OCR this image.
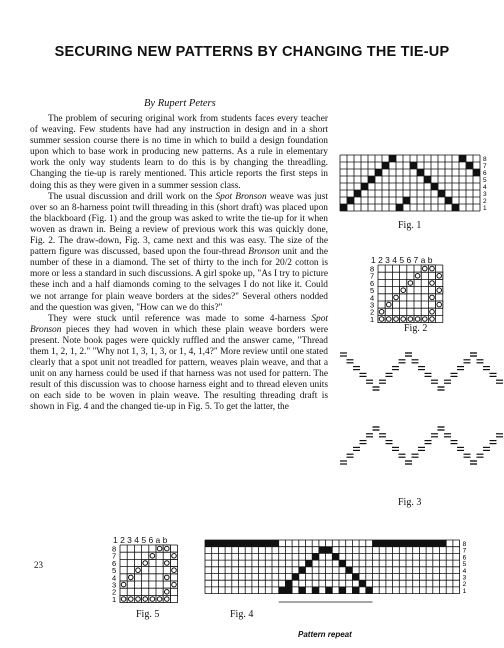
SECURING NEW PATTERNS BY CHANGING THE TIE-UP
By Rupert Peters

The problem of securing original work from students faces every teacher of weaving. Few students have had any instruction in design and in a short summer session course there is no time in which to build a design foundation upon which to base work in producing new patterns. As a rule in elementary work the only way students learn to do this is by changing the threadling. Changing the tie-up is rarely mentioned. This article reports the first steps in doing this as they were given in a summer session class.

The usual discussion and drill work on the Spot Bronson weave was just over so an 8-harness point twill threading in this (short draft) was placed upon the blackboard (Fig. 1) and the group was asked to write the tie-up for it when woven as drawn in. Being a review of previous work this was quickly done, Fig. 2. The draw-down, Fig. 3, came next and this was easy. The size of the pattern figure was discussed, based upon the four-thread Bronson unit and the number of these in a diamond. The set of thirty to the inch for 20/2 cotton is more or less a standard in such discussions. A girl spoke up, "As I try to picture these inch and a half diamonds coming to the selvages I do not like it. Could we not arrange for plain weave borders at the sides?" Several others nodded and the question was given, "How can we do this?"

They were stuck until reference was made to some 4-harness Spot Bronson pieces they had woven in which these plain weave borders were present. Note book pages were quickly ruffled and the answer came, "Thread them 1, 2, 1, 2." "Why not 1, 3, 1, 3, or 1, 4, 1,4?" More review until one stated clearly that a spot unit not treadled for pattern, weaves plain weave, and that a unit on any harness could be used if that harness was not used for pattern. The result of this discussion was to choose harness eight and to thread eleven units on each side to be woven in plain weave. The resulting threading draft is shown in Fig. 4 and the changed tie-up in Fig. 5. To get the latter, the

8
7
6
5
4
3
2
1
Fig. 1
1 2 3 4 5 6 7 a b
8
7
6
5
4
3
2
1
Fig. 2
Fig. 3
1 2 3 4 5 6 a b
8
7
6
5
4
3
2
1
Fig. 5
8
7
6
5
4
3
2
1
Fig. 4
Pattern repeat
23
